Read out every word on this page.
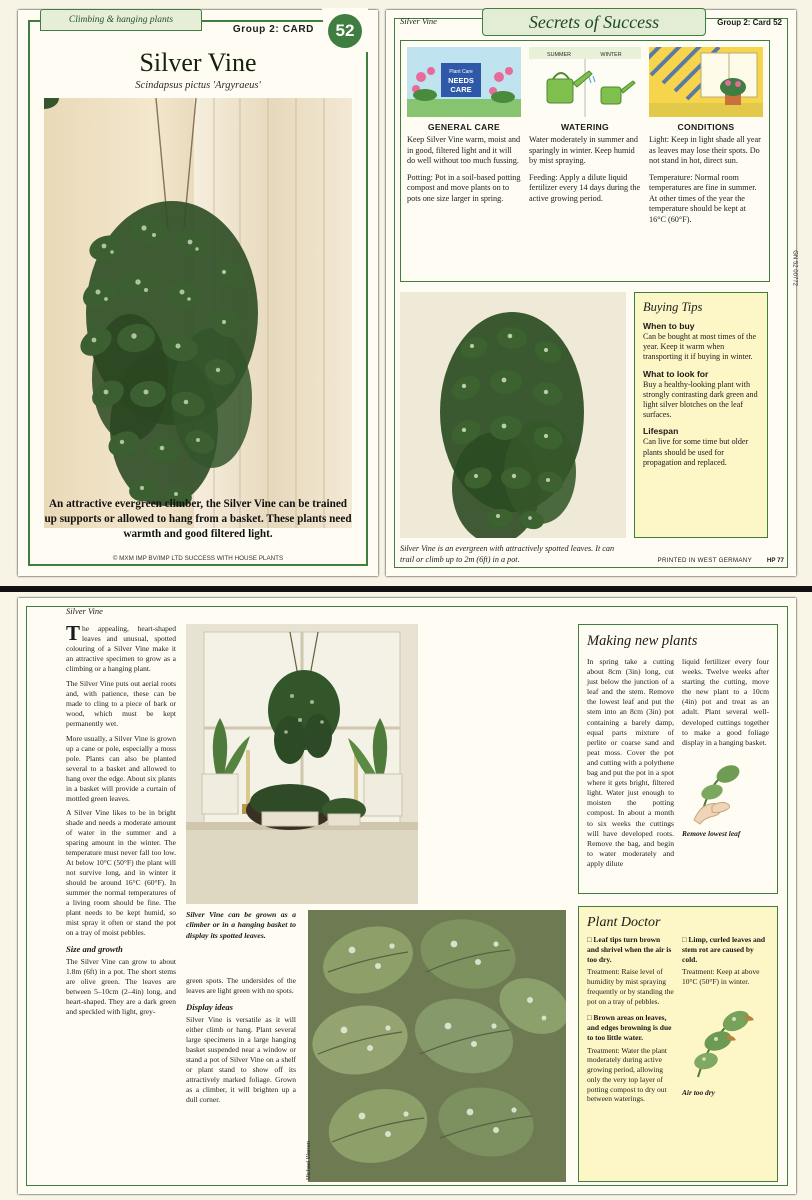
Climbing & hanging plants
Group 2: CARD	52
Silver Vine
Scindapsus pictus 'Argyraeus'
An attractive evergreen climber, the Silver Vine can be trained up supports or allowed to hang from a basket. These plants need warmth and good filtered light.
© MXM IMP BV/IMP LTD SUCCESS WITH HOUSE PLANTS
Silver Vine	Secrets of Success	Group 2: Card 52
GN 52 00772
Plant Care
NEEDS
CARE
GENERAL CARE
Keep Silver Vine warm, moist and in good, filtered light and it will do well without too much fussing.
Potting: Pot in a soil-based potting compost and move plants on to pots one size larger in spring.
SUMMER	WINTER
WATERING
Water moderately in summer and sparingly in winter. Keep humid by mist spraying.
Feeding: Apply a dilute liquid fertilizer every 14 days during the active growing period.
CONDITIONS
Light: Keep in light shade all year as leaves may lose their spots. Do not stand in hot, direct sun.
Temperature: Normal room temperatures are fine in summer. At other times of the year the temperature should be kept at 16°C (60°F).
Silver Vine is an evergreen with attractively spotted leaves. It can trail or climb up to 2m (6ft) in a pot.
Buying Tips
When to buy

Can be bought at most times of the year. Keep it warm when transporting it if buying in winter.

What to look for

Buy a healthy-looking plant with strongly contrasting dark green and light silver blotches on the leaf surfaces.

Lifespan

Can live for some time but older plants should be used for propagation and replaced.

PRINTED IN WEST GERMANY HP 77
Silver Vine

The appealing, heart-shaped leaves and unusual, spotted colouring of a Silver Vine make it an attractive specimen to grow as a climbing or a hanging plant.

The Silver Vine puts out aerial roots and, with patience, these can be made to cling to a piece of bark or wood, which must be kept permanently wet.

More usually, a Silver Vine is grown up a cane or pole, especially a moss pole. Plants can also be planted several to a basket and allowed to hang over the edge. About six plants in a basket will provide a curtain of mottled green leaves.

A Silver Vine likes to be in bright shade and needs a moderate amount of water in the summer and a sparing amount in the winter. The temperature must never fall too low. At below 10°C (50°F) the plant will not survive long, and in winter it should be around 16°C (60°F). In summer the normal temperatures of a living room should be fine. The plant needs to be kept humid, so mist spray it often or stand the pot on a tray of moist pebbles.

Size and growth

The Silver Vine can grow to about 1.8m (6ft) in a pot. The short stems are olive green. The leaves are between 5–10cm (2–4in) long, and heart-shaped. They are a dark green and speckled with light, grey-

Silver Vine can be grown as a climber or in a hanging basket to display its spotted leaves.

green spots. The undersides of the leaves are light green with no spots.

Display ideas

Silver Vine is versatile as it will either climb or hang. Plant several large specimens in a large hanging basket suspended near a window or stand a pot of Silver Vine on a shelf or plant stand to show off its attractively marked foliage. Grown as a climber, it will brighten up a dull corner.

Michael Warren
Making new plants
In spring take a cutting about 8cm (3in) long, cut just below the junction of a leaf and the stem. Remove the lowest leaf and put the stem into an 8cm (3in) pot containing a barely damp, equal parts mixture of perlite or coarse sand and peat moss. Cover the pot and cutting with a polythene bag and put the pot in a spot where it gets bright, filtered light. Water just enough to moisten the potting compost. In about a month to six weeks the cuttings will have developed roots. Remove the bag, and begin to water moderately and apply dilute
liquid fertilizer every four weeks. Twelve weeks after starting the cutting, move the new plant to a 10cm (4in) pot and treat as an adult. Plant several well-developed cuttings together to make a good foliage display in a hanging basket.
Remove lowest leaf
Plant Doctor

□ Leaf tips turn brown and shrivel when the air is too dry.

Treatment: Raise level of humidity by mist spraying frequently or by standing the pot on a tray of pebbles.

□ Brown areas on leaves, and edges browning is due to too little water.

Treatment: Water the plant moderately during active growing period, allowing only the very top layer of potting compost to dry out between waterings.

□ Limp, curled leaves and stem rot are caused by cold.

Treatment: Keep at above 10°C (50°F) in winter.

Air too dry
